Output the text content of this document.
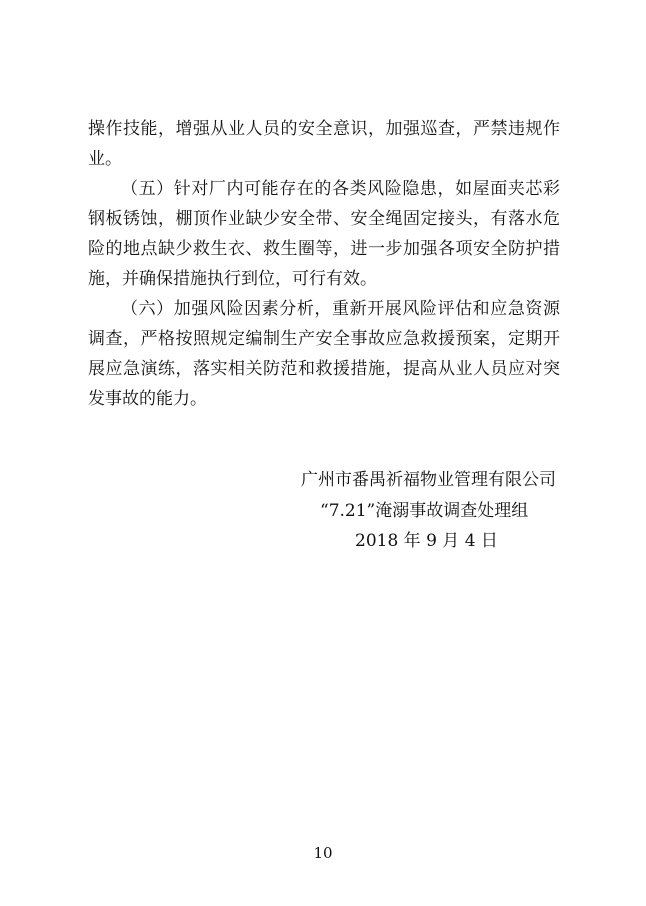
操作技能，增强从业人员的安全意识，加强巡查，严禁违规作
业。
（五）针对厂内可能存在的各类风险隐患，如屋面夹芯彩
钢板锈蚀，棚顶作业缺少安全带、安全绳固定接头，有落水危
险的地点缺少救生衣、救生圈等，进一步加强各项安全防护措
施，并确保措施执行到位，可行有效。
（六）加强风险因素分析，重新开展风险评估和应急资源
调查，严格按照规定编制生产安全事故应急救援预案，定期开
展应急演练，落实相关防范和救援措施，提高从业人员应对突
发事故的能力。
广州市番禺祈福物业管理有限公司
“7.21”淹溺事故调查处理组
2018 年 9 月 4 日
10
